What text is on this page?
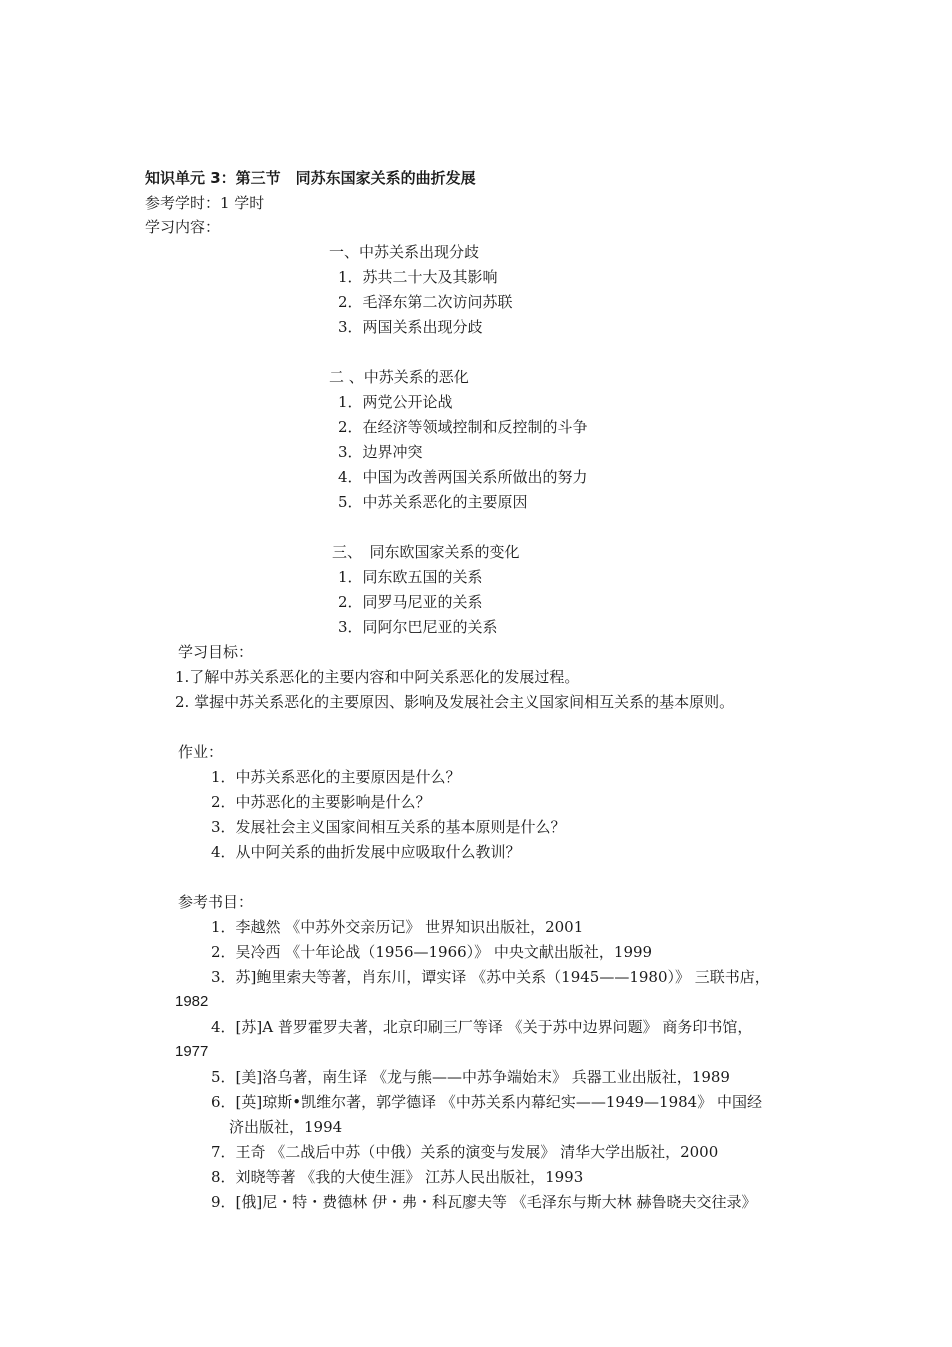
知识单元 3：第三节　同苏东国家关系的曲折发展
参考学时：1 学时
学习内容：
一、中苏关系出现分歧
1．苏共二十大及其影响
2．毛泽东第二次访问苏联
3．两国关系出现分歧
二 、中苏关系的恶化
1．两党公开论战
2．在经济等领域控制和反控制的斗争
3．边界冲突
4．中国为改善两国关系所做出的努力
5．中苏关系恶化的主要原因
三、　同东欧国家关系的变化
1．同东欧五国的关系
2．同罗马尼亚的关系
3．同阿尔巴尼亚的关系
学习目标：
1.了解中苏关系恶化的主要内容和中阿关系恶化的发展过程。
2. 掌握中苏关系恶化的主要原因、影响及发展社会主义国家间相互关系的基本原则。
作业：
1．中苏关系恶化的主要原因是什么？
2．中苏恶化的主要影响是什么？
3．发展社会主义国家间相互关系的基本原则是什么？
4．从中阿关系的曲折发展中应吸取什么教训？
参考书目：
1．李越然 《中苏外交亲历记》 世界知识出版社，2001
2．吴冷西 《十年论战（1956—1966）》 中央文献出版社，1999
3．苏]鲍里索夫等著，肖东川，谭实译 《苏中关系（1945——1980）》 三联书店，
1982
4．[苏]A 普罗霍罗夫著，北京印刷三厂等译 《关于苏中边界问题》 商务印书馆，
1977
5．[美]洛乌著，南生译 《龙与熊——中苏争端始末》 兵器工业出版社，1989
6．[英]琼斯•凯维尔著，郭学德译 《中苏关系内幕纪实——1949—1984》 中国经
济出版社，1994
7．王奇 《二战后中苏（中俄）关系的演变与发展》 清华大学出版社，2000
8．刘晓等著 《我的大使生涯》 江苏人民出版社，1993
9．[俄]尼・特・费德林 伊・弗・科瓦廖夫等 《毛泽东与斯大林 赫鲁晓夫交往录》
